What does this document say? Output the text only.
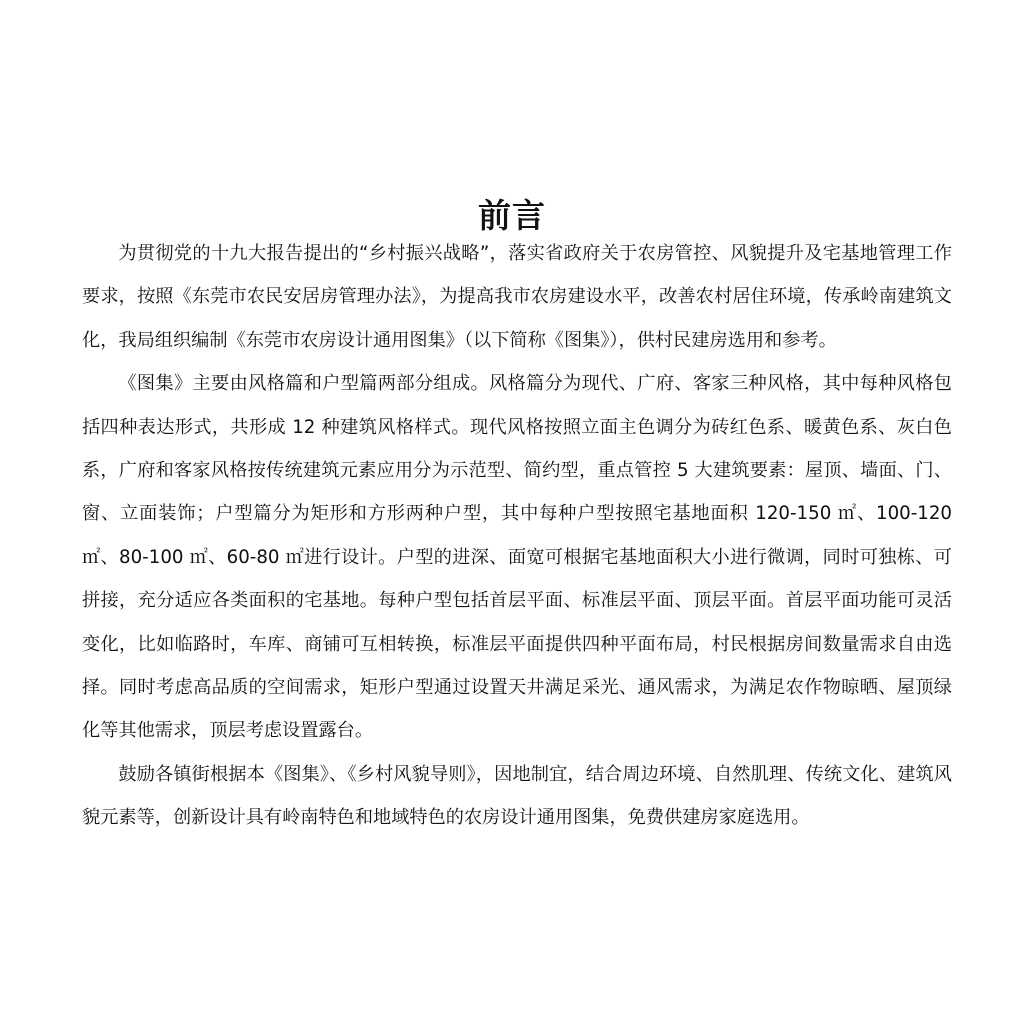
前言

为贯彻党的十九大报告提出的“乡村振兴战略”，落实省政府关于农房管控、风貌提升及宅基地管理工作要求，按照《东莞市农民安居房管理办法》，为提高我市农房建设水平，改善农村居住环境，传承岭南建筑文化，我局组织编制《东莞市农房设计通用图集》（以下简称《图集》），供村民建房选用和参考。

《图集》主要由风格篇和户型篇两部分组成。风格篇分为现代、广府、客家三种风格，其中每种风格包括四种表达形式，共形成 12 种建筑风格样式。现代风格按照立面主色调分为砖红色系、暖黄色系、灰白色系，广府和客家风格按传统建筑元素应用分为示范型、简约型，重点管控 5 大建筑要素：屋顶、墙面、门、窗、立面装饰；户型篇分为矩形和方形两种户型，其中每种户型按照宅基地面积 120-150 ㎡、100-120 ㎡、80-100 ㎡、60-80 ㎡进行设计。户型的进深、面宽可根据宅基地面积大小进行微调，同时可独栋、可拼接，充分适应各类面积的宅基地。每种户型包括首层平面、标准层平面、顶层平面。首层平面功能可灵活变化，比如临路时，车库、商铺可互相转换，标准层平面提供四种平面布局，村民根据房间数量需求自由选择。同时考虑高品质的空间需求，矩形户型通过设置天井满足采光、通风需求，为满足农作物晾晒、屋顶绿化等其他需求，顶层考虑设置露台。

鼓励各镇街根据本《图集》、《乡村风貌导则》，因地制宜，结合周边环境、自然肌理、传统文化、建筑风貌元素等，创新设计具有岭南特色和地域特色的农房设计通用图集，免费供建房家庭选用。
